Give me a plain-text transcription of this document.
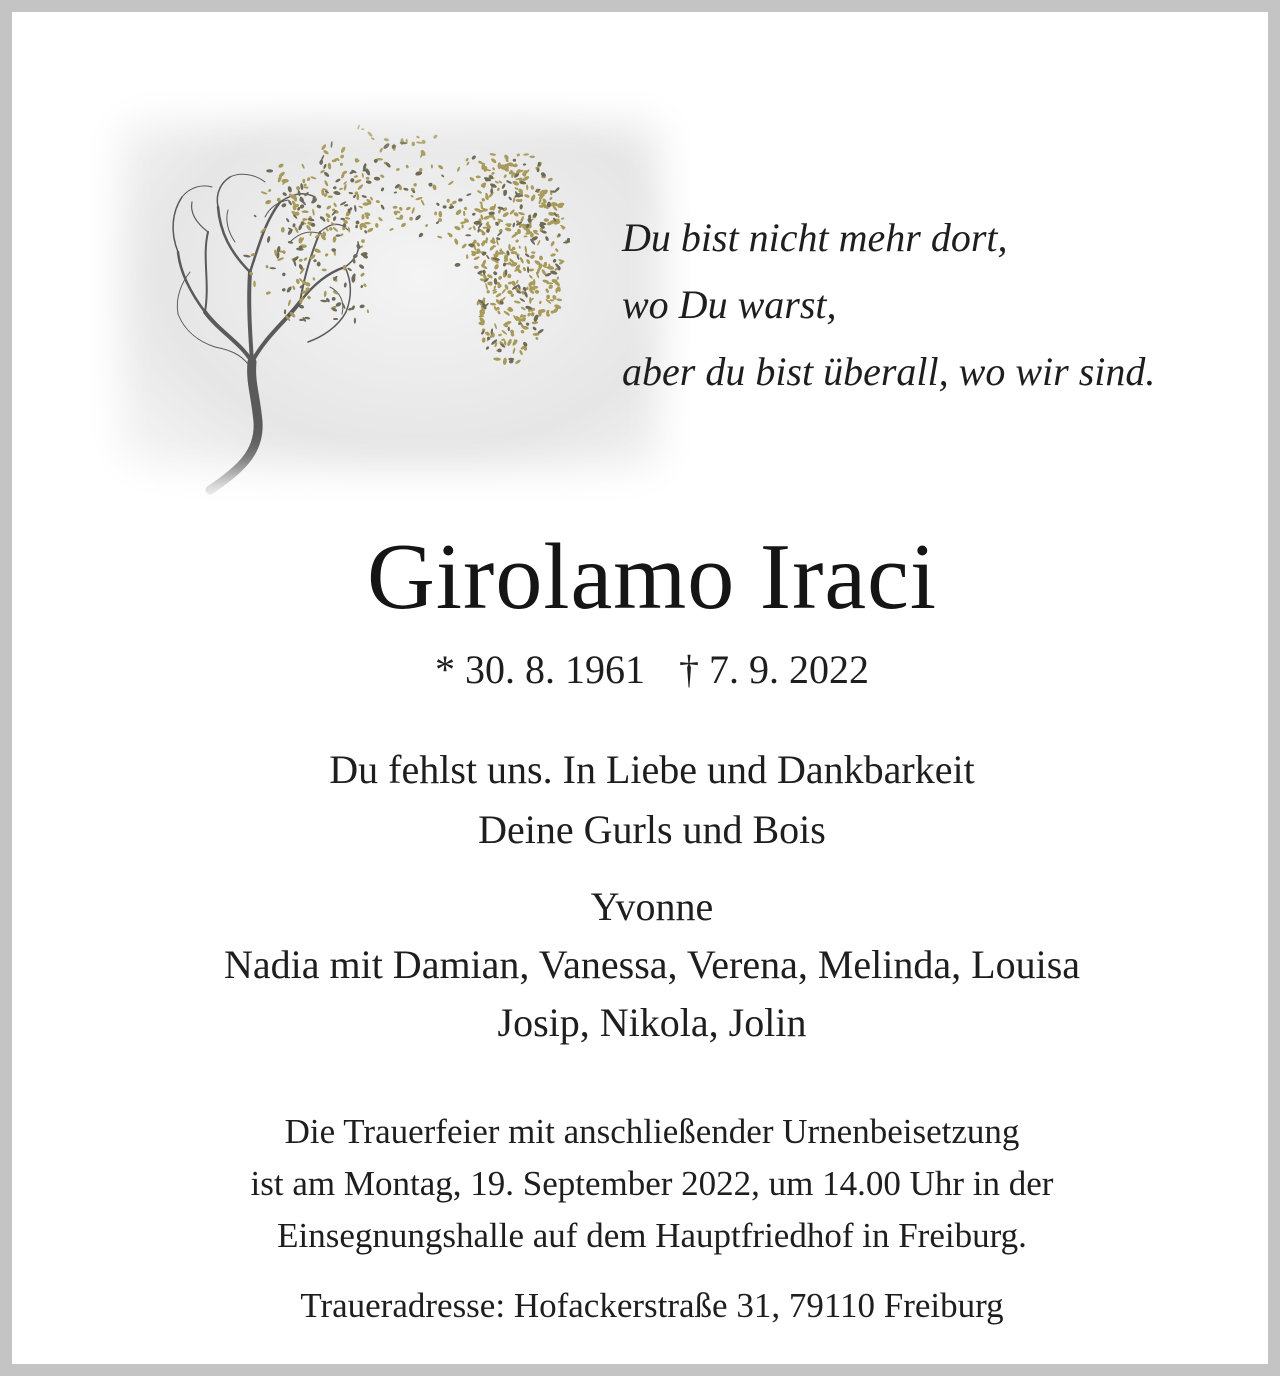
Du bist nicht mehr dort,
wo Du warst,
aber du bist überall, wo wir sind.
Girolamo Iraci
* 30. 8. 1961 † 7. 9. 2022
Du fehlst uns. In Liebe und Dankbarkeit
Deine Gurls und Bois
Yvonne
Nadia mit Damian, Vanessa, Verena, Melinda, Louisa
Josip, Nikola, Jolin
Die Trauerfeier mit anschließender Urnenbeisetzung
ist am Montag, 19. September 2022, um 14.00 Uhr in der
Einsegnungshalle auf dem Hauptfriedhof in Freiburg.
Traueradresse: Hofackerstraße 31, 79110 Freiburg
